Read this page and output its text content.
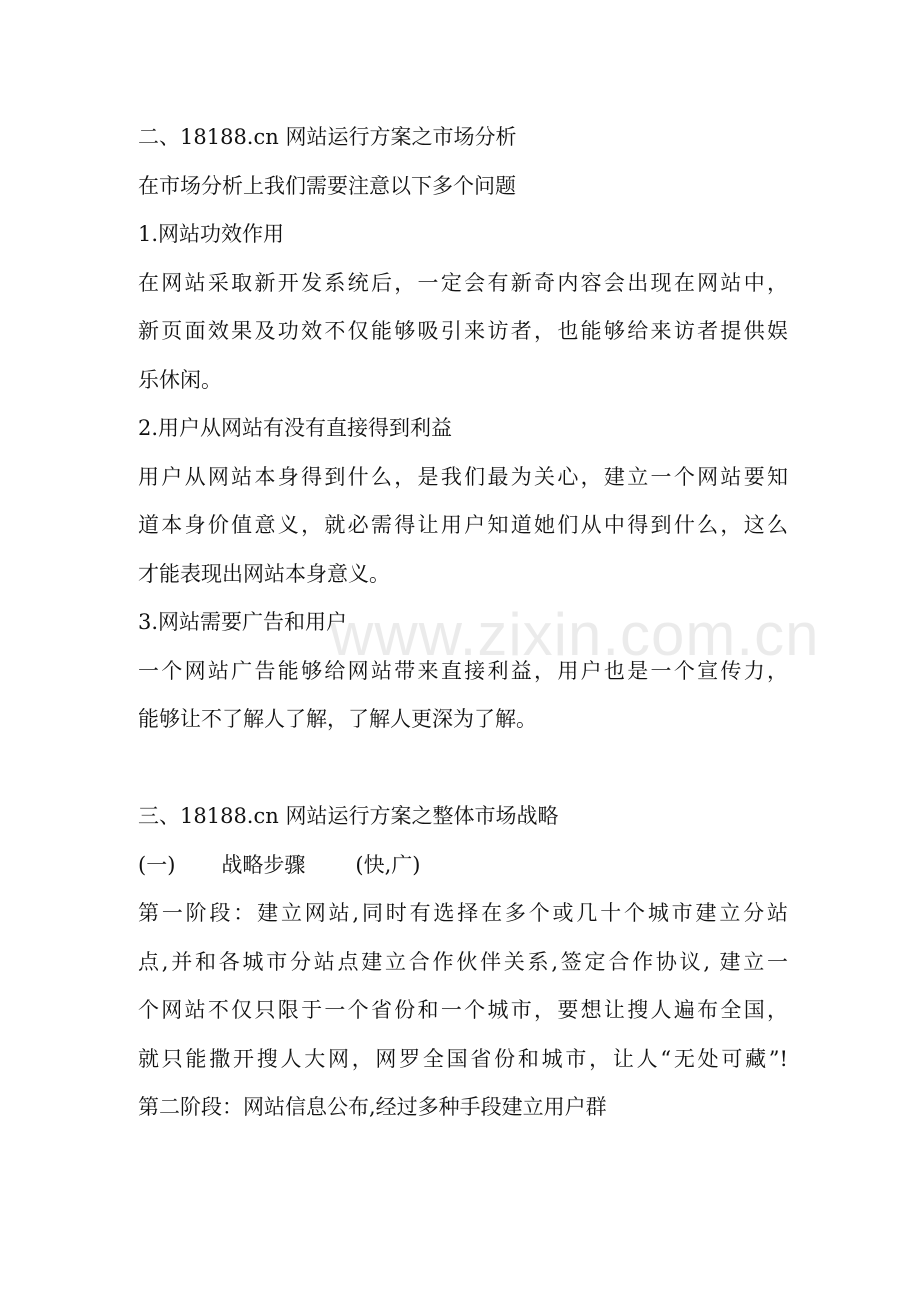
www.zixin.com.cn
二、18188.cn 网站运行方案之市场分析
在市场分析上我们需要注意以下多个问题
1.网站功效作用
在网站采取新开发系统后，一定会有新奇内容会出现在网站中，
新页面效果及功效不仅能够吸引来访者，也能够给来访者提供娱
乐休闲。
2.用户从网站有没有直接得到利益
用户从网站本身得到什么，是我们最为关心，建立一个网站要知
道本身价值意义，就必需得让用户知道她们从中得到什么，这么
才能表现出网站本身意义。
3.网站需要广告和用户
一个网站广告能够给网站带来直接利益，用户也是一个宣传力，
能够让不了解人了解，了解人更深为了解。
三、18188.cn 网站运行方案之整体市场战略
(一) 战略步骤 (快,广)
第一阶段：建立网站,同时有选择在多个或几十个城市建立分站
点,并和各城市分站点建立合作伙伴关系,签定合作协议, 建立一
个网站不仅只限于一个省份和一个城市，要想让搜人遍布全国，
就只能撒开搜人大网，网罗全国省份和城市，让人“无处可藏”!
第二阶段：网站信息公布,经过多种手段建立用户群
